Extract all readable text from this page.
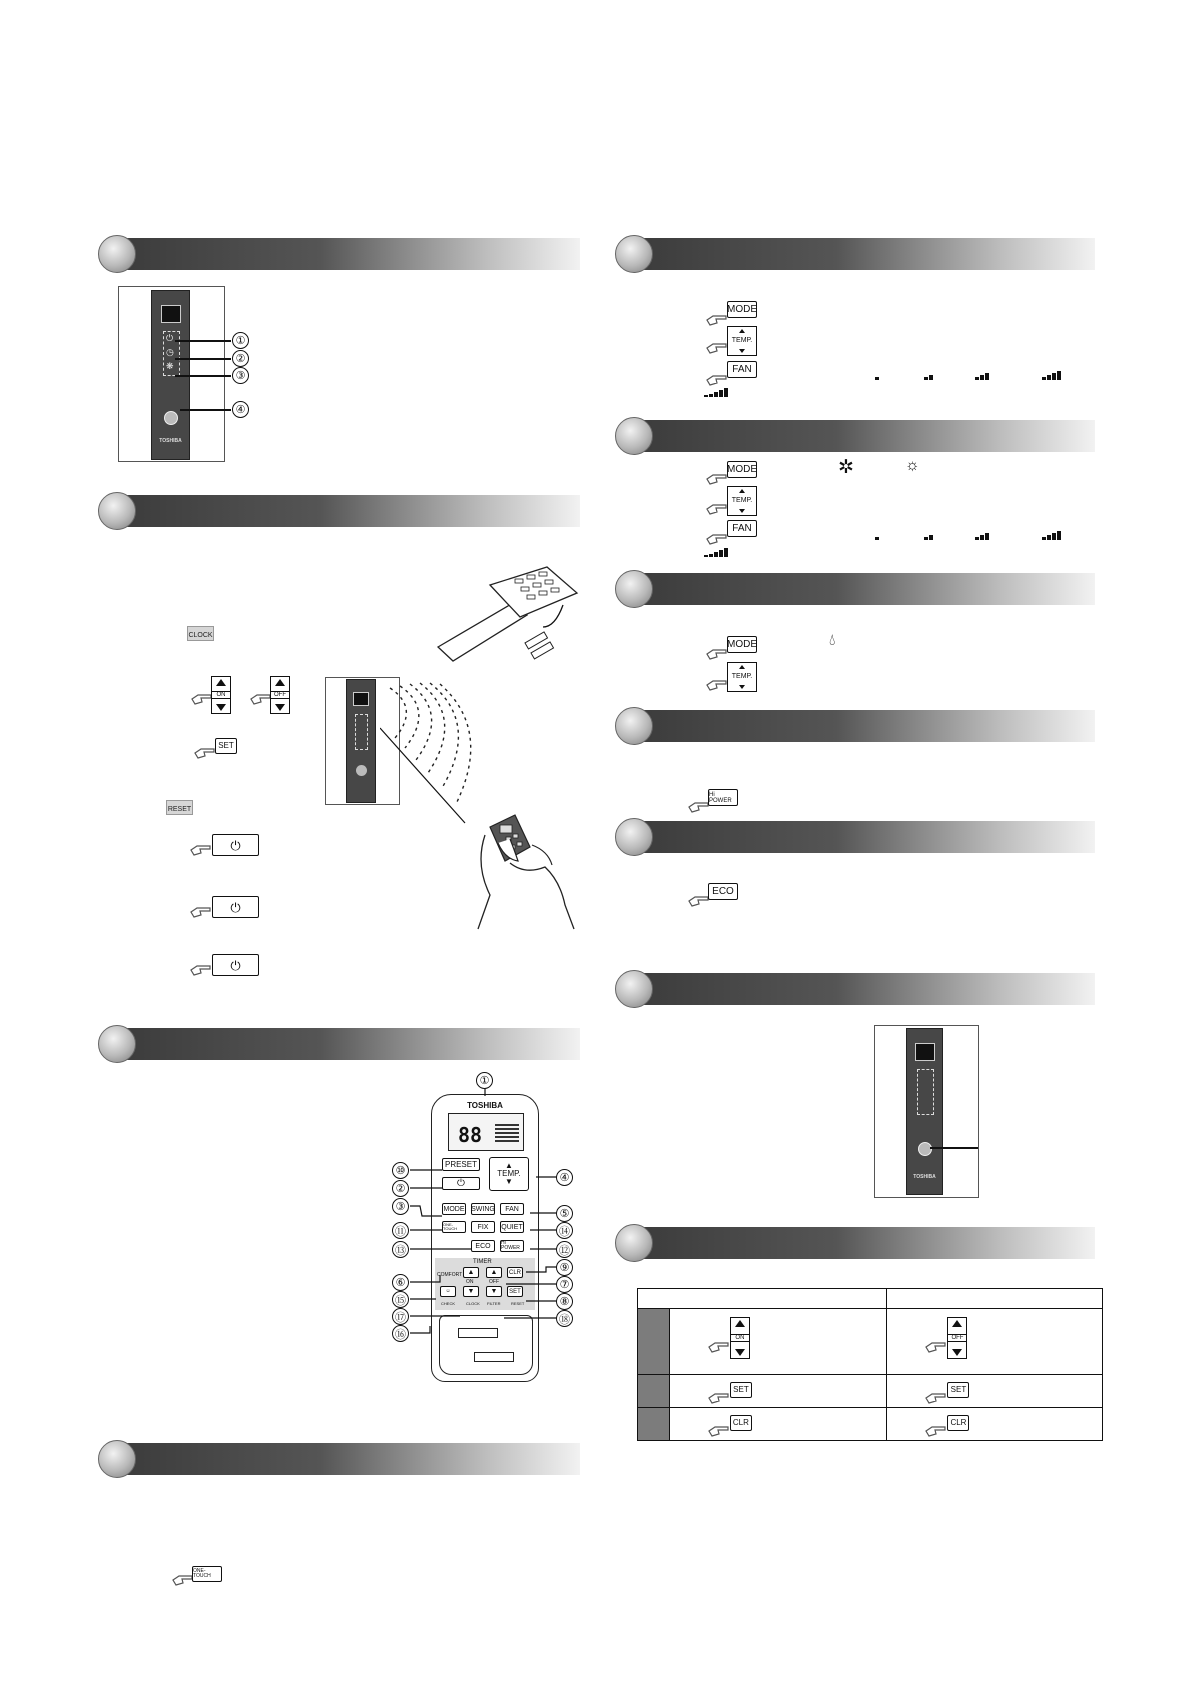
⏻
◷
❋
TOSHIBA
①
②
③
④
CLOCK
ON	OFF
SET
RESET
⏻
⏻
⏻
TOSHIBA
88
PRESET
⏻
▲
TEMP.
▼
MODE SWING	FAN
ONE-TOUCH	FIX	QUIET
ECO	Hi POWER
TIMER
COMFORT ▲	▲	CLR
ON	OFF
☺	▼	▼	SET
CHECK	CLOCK FILTER	RESET
①
⑩
②
③
④
⑤
⑪	⑭
⑬	⑫
⑨
⑥	⑦
⑮	⑧
⑰	⑱
⑯
ONE-TOUCH
MODE
TEMP.
FAN
MODE	✲	☼
TEMP.
FAN
MODE	💧︎
TEMP.
Hi POWER
ECO
TOSHIBA

	ON	OFF

SET	SET

CLR	CLR
